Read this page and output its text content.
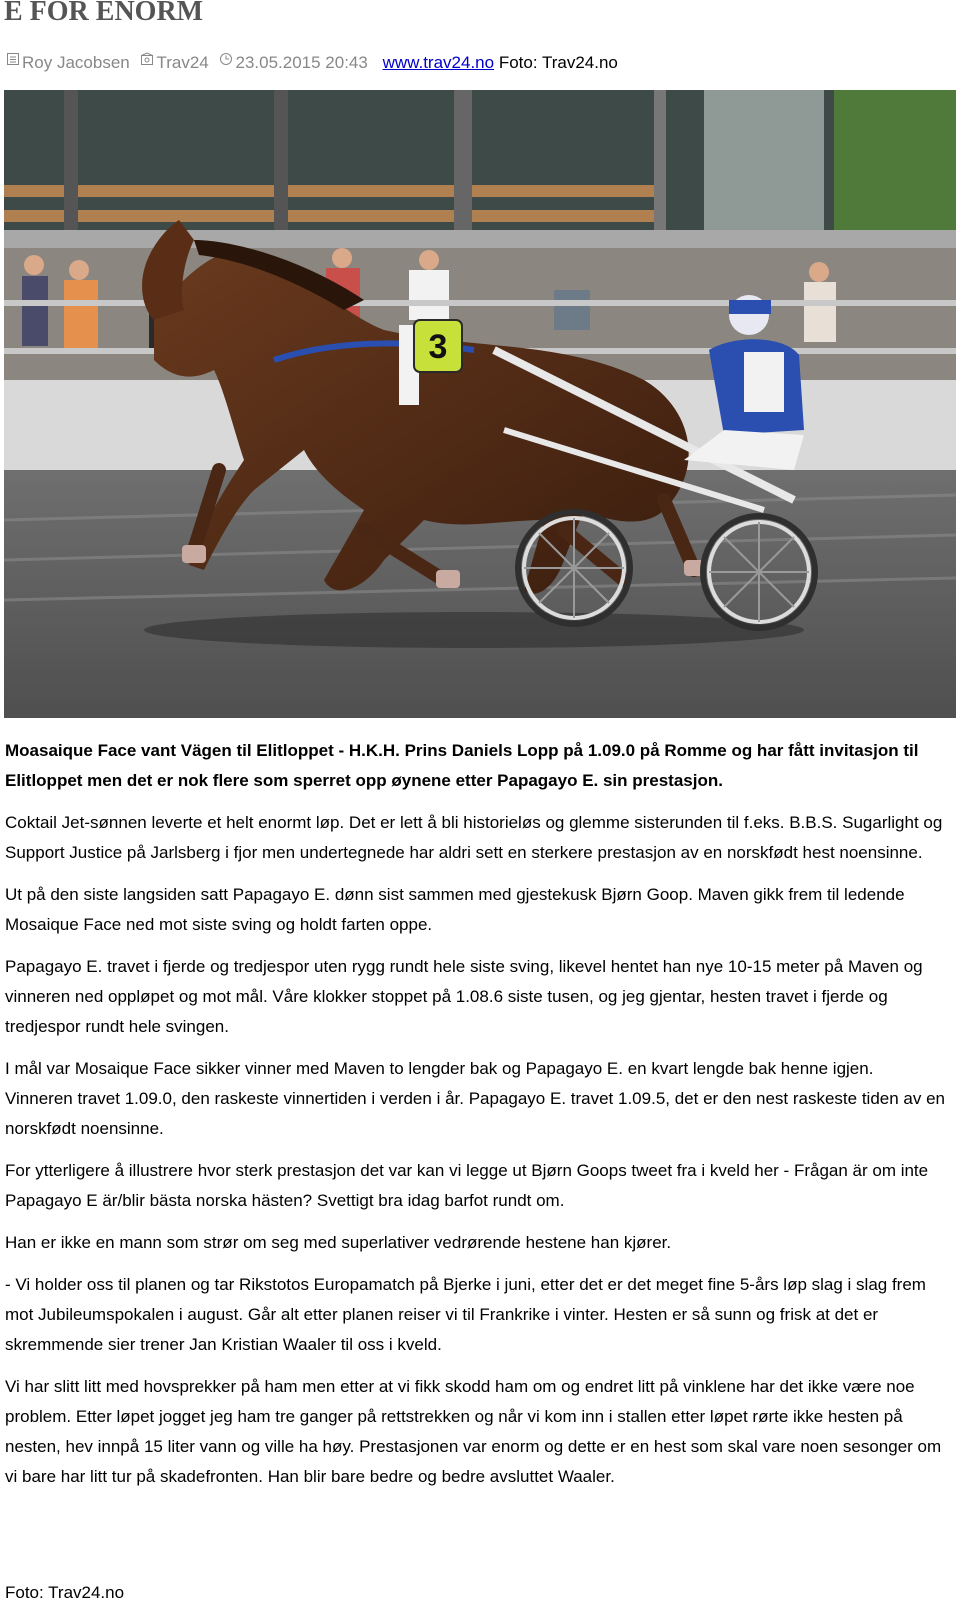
E FOR ENORM
Roy Jacobsen Trav24 23.05.2015 20:43 www.trav24.no Foto: Trav24.no
3

Moasaique Face vant Vägen til Elitloppet - H.K.H. Prins Daniels Lopp på 1.09.0 på Romme og har fått invitasjon til Elitloppet men det er nok flere som sperret opp øynene etter Papagayo E. sin prestasjon.

Coktail Jet-sønnen leverte et helt enormt løp. Det er lett å bli historieløs og glemme sisterunden til f.eks. B.B.S. Sugarlight og Support Justice på Jarlsberg i fjor men undertegnede har aldri sett en sterkere prestasjon av en norskfødt hest noensinne.

Ut på den siste langsiden satt Papagayo E. dønn sist sammen med gjestekusk Bjørn Goop. Maven gikk frem til ledende Mosaique Face ned mot siste sving og holdt farten oppe.

Papagayo E. travet i fjerde og tredjespor uten rygg rundt hele siste sving, likevel hentet han nye 10-15 meter på Maven og vinneren ned oppløpet og mot mål. Våre klokker stoppet på 1.08.6 siste tusen, og jeg gjentar, hesten travet i fjerde og tredjespor rundt hele svingen.

I mål var Mosaique Face sikker vinner med Maven to lengder bak og Papagayo E. en kvart lengde bak henne igjen. Vinneren travet 1.09.0, den raskeste vinnertiden i verden i år. Papagayo E. travet 1.09.5, det er den nest raskeste tiden av en norskfødt noensinne.

For ytterligere å illustrere hvor sterk prestasjon det var kan vi legge ut Bjørn Goops tweet fra i kveld her - Frågan är om inte Papagayo E är/blir bästa norska hästen? Svettigt bra idag barfot rundt om.

Han er ikke en mann som strør om seg med superlativer vedrørende hestene han kjører.

- Vi holder oss til planen og tar Rikstotos Europamatch på Bjerke i juni, etter det er det meget fine 5-års løp slag i slag frem mot Jubileumspokalen i august. Går alt etter planen reiser vi til Frankrike i vinter. Hesten er så sunn og frisk at det er skremmende sier trener Jan Kristian Waaler til oss i kveld.

Vi har slitt litt med hovsprekker på ham men etter at vi fikk skodd ham om og endret litt på vinklene har det ikke være noe problem. Etter løpet jogget jeg ham tre ganger på rettstrekken og når vi kom inn i stallen etter løpet rørte ikke hesten på nesten, hev innpå 15 liter vann og ville ha høy. Prestasjonen var enorm og dette er en hest som skal vare noen sesonger om vi bare har litt tur på skadefronten. Han blir bare bedre og bedre avsluttet Waaler.

Foto: Trav24.no
